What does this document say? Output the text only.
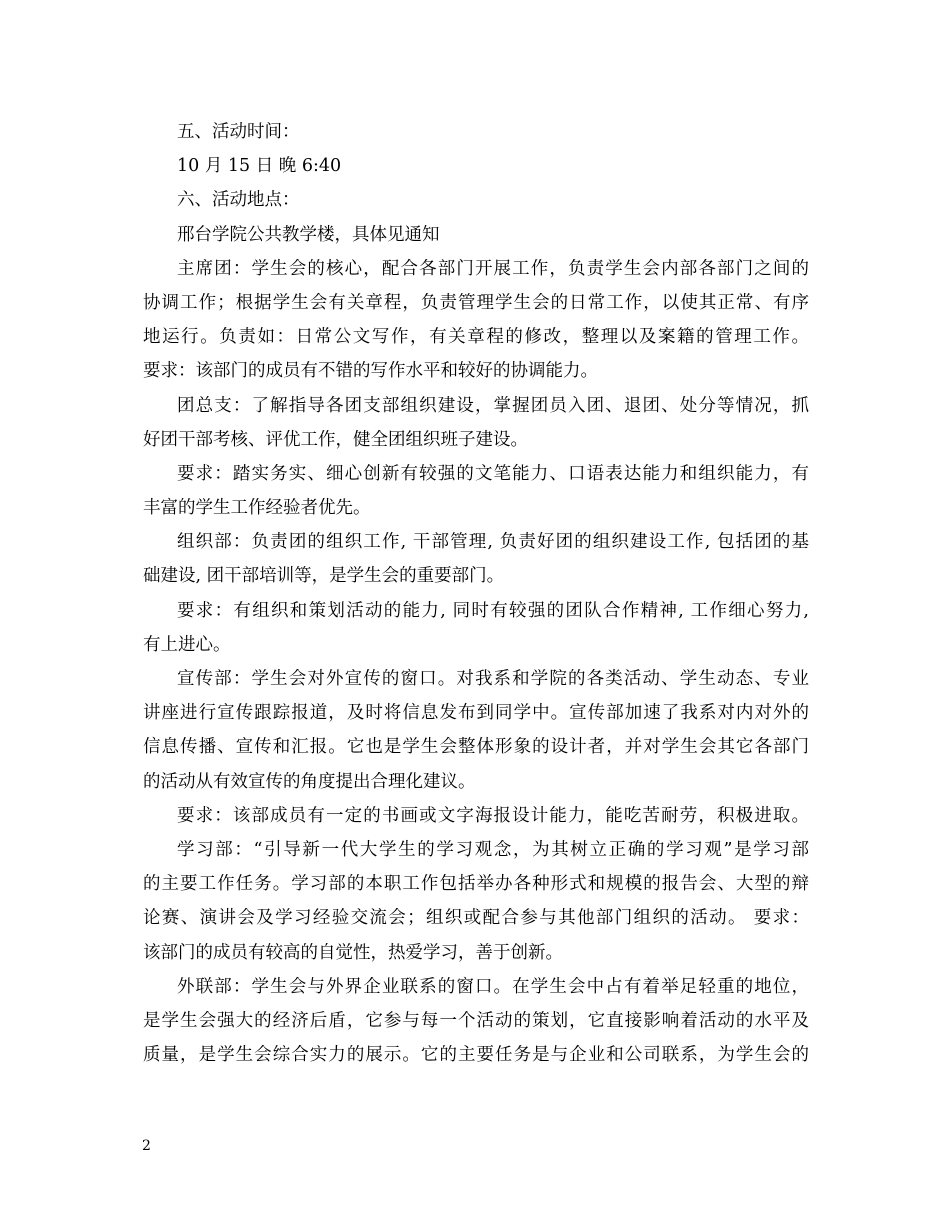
五、活动时间：
10 月 15 日 晚 6:40
六、活动地点：
邢台学院公共教学楼，具体见通知
主席团：学生会的核心，配合各部门开展工作，负责学生会内部各部门之间的
协调工作；根据学生会有关章程，负责管理学生会的日常工作，以使其正常、有序
地运行。负责如：日常公文写作，有关章程的修改，整理以及案籍的管理工作。
要求：该部门的成员有不错的写作水平和较好的协调能力。
团总支：了解指导各团支部组织建设，掌握团员入团、退团、处分等情况，抓
好团干部考核、评优工作，健全团组织班子建设。
要求：踏实务实、细心创新有较强的文笔能力、口语表达能力和组织能力，有
丰富的学生工作经验者优先。
组织部：负责团的组织工作, 干部管理, 负责好团的组织建设工作, 包括团的基
础建设, 团干部培训等，是学生会的重要部门。
要求：有组织和策划活动的能力, 同时有较强的团队合作精神, 工作细心努力,
有上进心。
宣传部：学生会对外宣传的窗口。对我系和学院的各类活动、学生动态、专业
讲座进行宣传跟踪报道，及时将信息发布到同学中。宣传部加速了我系对内对外的
信息传播、宣传和汇报。它也是学生会整体形象的设计者，并对学生会其它各部门
的活动从有效宣传的角度提出合理化建议。
要求：该部成员有一定的书画或文字海报设计能力，能吃苦耐劳，积极进取。
学习部：“引导新一代大学生的学习观念，为其树立正确的学习观”是学习部
的主要工作任务。学习部的本职工作包括举办各种形式和规模的报告会、大型的辩
论赛、演讲会及学习经验交流会；组织或配合参与其他部门组织的活动。 要求：
该部门的成员有较高的自觉性，热爱学习，善于创新。
外联部：学生会与外界企业联系的窗口。在学生会中占有着举足轻重的地位，
是学生会强大的经济后盾，它参与每一个活动的策划，它直接影响着活动的水平及
质量，是学生会综合实力的展示。它的主要任务是与企业和公司联系，为学生会的
2
